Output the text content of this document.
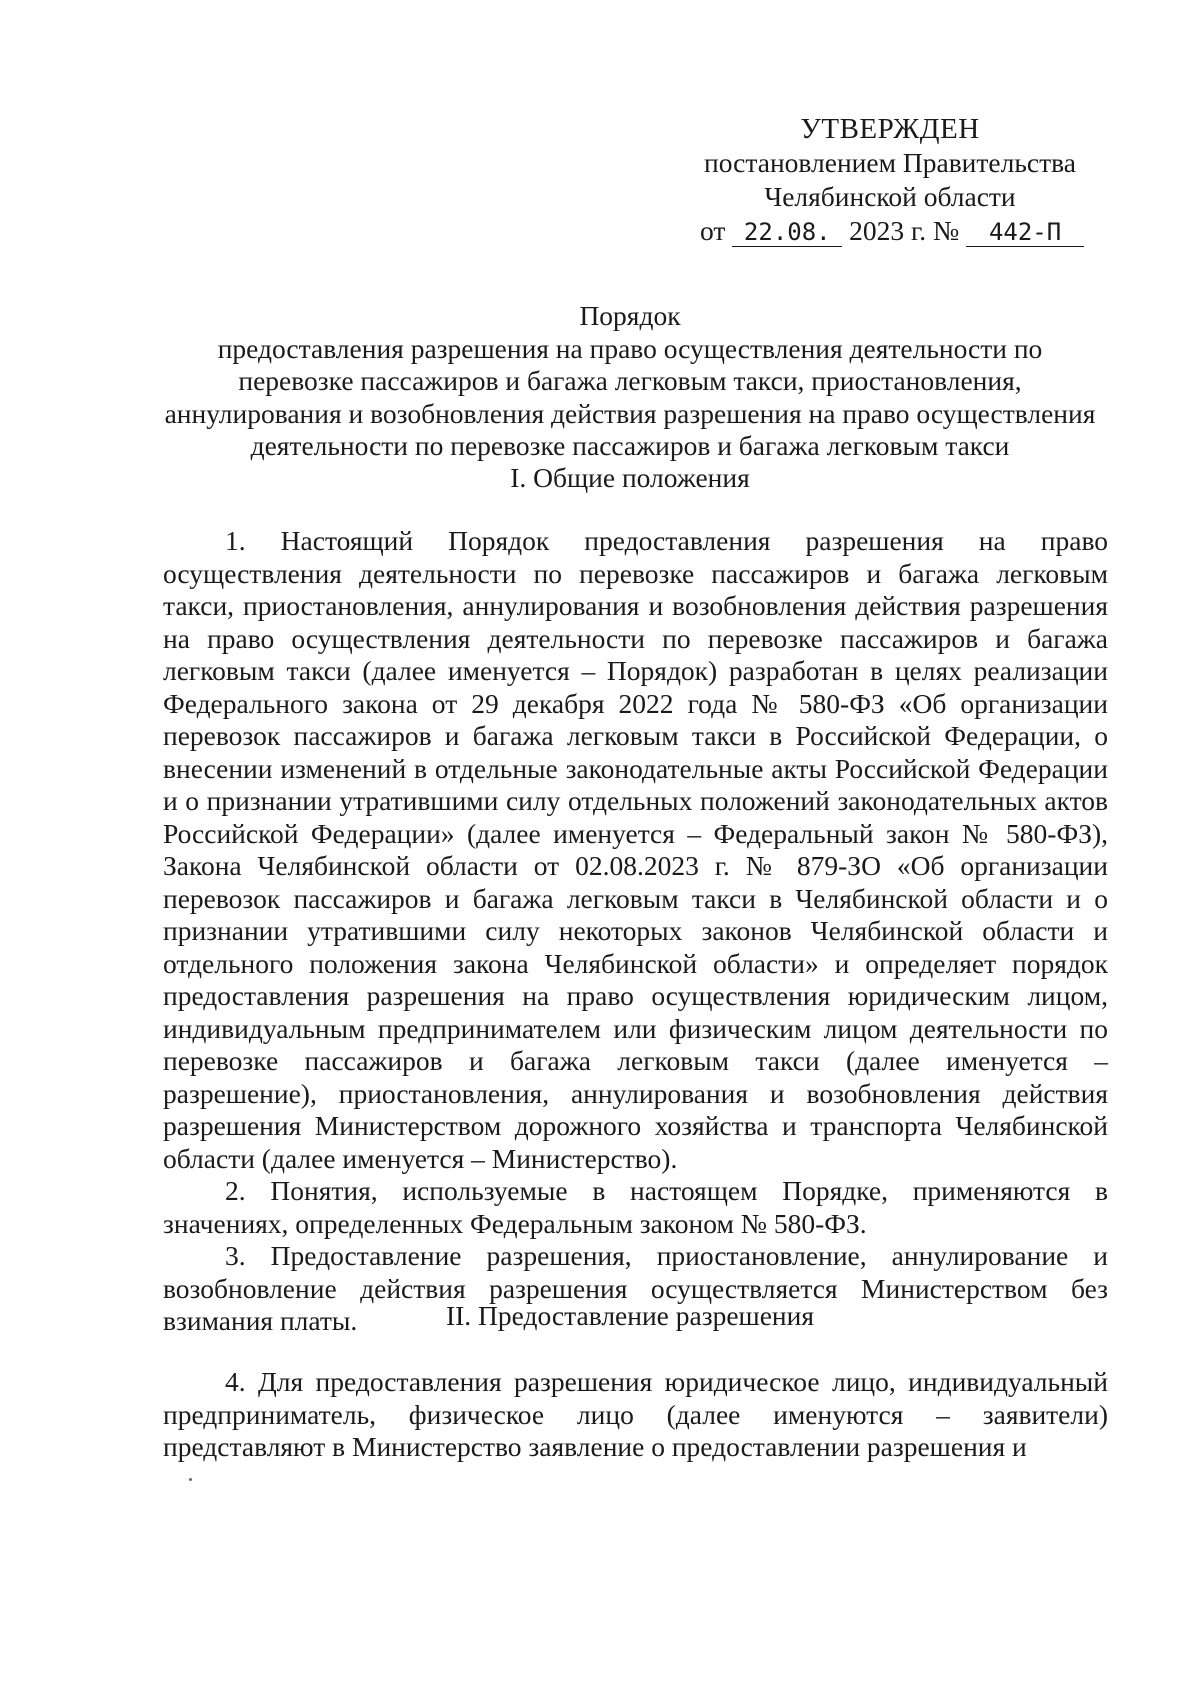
УТВЕРЖДЕН
постановлением Правительства
Челябинской области
от 22.08. 2023 г. № 442-П
Порядок
предоставления разрешения на право осуществления деятельности по
перевозке пассажиров и багажа легковым такси, приостановления,
аннулирования и возобновления действия разрешения на право осуществления
деятельности по перевозке пассажиров и багажа легковым такси
I. Общие положения

1. Настоящий Порядок предоставления разрешения на право осуществления деятельности по перевозке пассажиров и багажа легковым такси, приостановления, аннулирования и возобновления действия разрешения на право осуществления деятельности по перевозке пассажиров и багажа легковым такси (далее именуется – Порядок) разработан в целях реализации Федерального закона от 29 декабря 2022 года № 580-ФЗ «Об организации перевозок пассажиров и багажа легковым такси в Российской Федерации, о внесении изменений в отдельные законодательные акты Российской Федерации и о признании утратившими силу отдельных положений законодательных актов Российской Федерации» (далее именуется – Федеральный закон № 580-ФЗ), Закона Челябинской области от 02.08.2023 г. № 879-ЗО «Об организации перевозок пассажиров и багажа легковым такси в Челябинской области и о признании утратившими силу некоторых законов Челябинской области и отдельного положения закона Челябинской области» и определяет порядок предоставления разрешения на право осуществления юридическим лицом, индивидуальным предпринимателем или физическим лицом деятельности по перевозке пассажиров и багажа легковым такси (далее именуется – разрешение), приостановления, аннулирования и возобновления действия разрешения Министерством дорожного хозяйства и транспорта Челябинской области (далее именуется – Министерство).

2. Понятия, используемые в настоящем Порядке, применяются в значениях, определенных Федеральным законом № 580-ФЗ.

3. Предоставление разрешения, приостановление, аннулирование и возобновление действия разрешения осуществляется Министерством без взимания платы.	II. Предоставление разрешения

4. Для предоставления разрешения юридическое лицо, индивидуальный предприниматель, физическое лицо (далее именуются – заявители) представляют в Министерство заявление о предоставлении разрешения и
